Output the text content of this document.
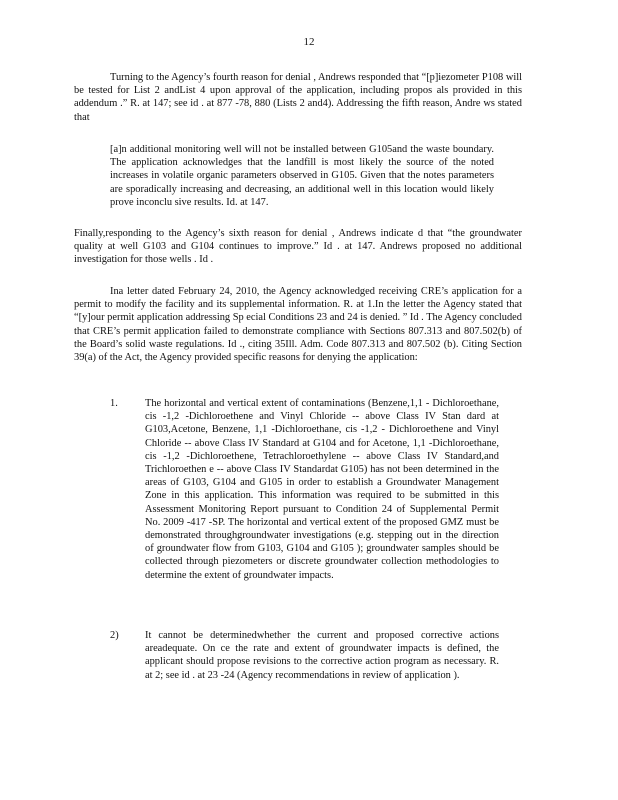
12

Turning to the Agency’s fourth reason for denial , Andrews responded that “[p]iezometer P108 will be tested for List 2 andList 4 upon approval of the application, including propos als provided in this addendum .” R. at 147; see id . at 877 -78, 880 (Lists 2 and4). Addressing the fifth reason, Andre ws stated that

[a]n additional monitoring well will not be installed between G105and the waste boundary. The application acknowledges that the landfill is most likely the source of the noted increases in volatile organic parameters observed in G105. Given that the notes parameters are sporadically increasing and decreasing, an additional well in this location would likely prove inconclu sive results. Id. at 147.

Finally,responding to the Agency’s sixth reason for denial , Andrews indicate d that “the groundwater quality at well G103 and G104 continues to improve.” Id . at 147. Andrews proposed no additional investigation for those wells . Id .

Ina letter dated February 24, 2010, the Agency acknowledged receiving CRE’s application for a permit to modify the facility and its supplemental information. R. at 1.In the letter the Agency stated that “[y]our permit application addressing Sp ecial Conditions 23 and 24 is denied. ” Id . The Agency concluded that CRE’s permit application failed to demonstrate compliance with Sections 807.313 and 807.502(b) of the Board’s solid waste regulations. Id ., citing 35Ill. Adm. Code 807.313 and 807.502 (b). Citing Section 39(a) of the Act, the Agency provided specific reasons for denying the application:

1.	The horizontal and vertical extent of contaminations (Benzene,1,1 - Dichloroethane, cis -1,2 -Dichloroethene and Vinyl Chloride -- above Class IV Stan dard at G103,Acetone, Benzene, 1,1 -Dichloroethane, cis -1,2 - Dichloroethene and Vinyl Chloride -- above Class IV Standard at G104 and for Acetone, 1,1 -Dichloroethane, cis -1,2 -Dichloroethene, Tetrachloroethylene -- above Class IV Standard,and Trichloroethen e -- above Class IV Standardat G105) has not been determined in the areas of G103, G104 and G105 in order to establish a Groundwater Management Zone in this application. This information was required to be submitted in this Assessment Monitoring Report pursuant to Condition 24 of Supplemental Permit No. 2009 -417 -SP. The horizontal and vertical extent of the proposed GMZ must be demonstrated throughgroundwater investigations (e.g. stepping out in the direction of groundwater flow from G103, G104 and G105 ); groundwater samples should be collected through piezometers or discrete groundwater collection methodologies to determine the extent of groundwater impacts.

2)	It cannot be determinedwhether the current and proposed corrective actions areadequate. On ce the rate and extent of groundwater impacts is defined, the applicant should propose revisions to the corrective action program as necessary. R. at 2; see id . at 23 -24 (Agency recommendations in review of application ).
